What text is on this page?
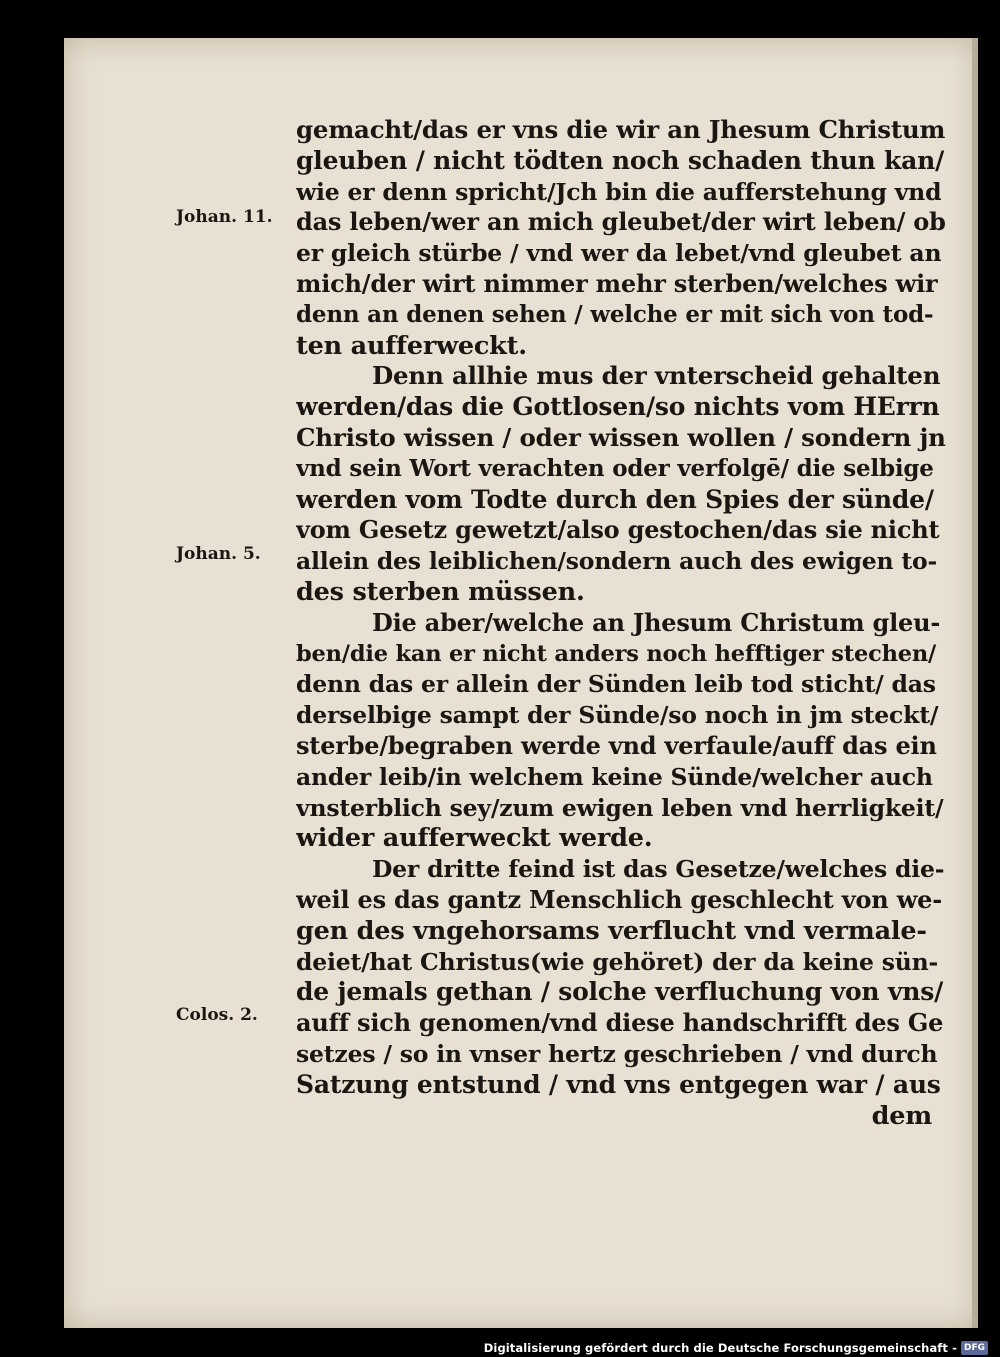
Johan. 11.
Johan. 5.
Colos. 2.
gemacht/das er vns die wir an Jhesum Christum
gleuben / nicht tödten noch schaden thun kan/
wie er denn spricht/Jch bin die aufferstehung vnd
das leben/wer an mich gleubet/der wirt leben/ ob
er gleich stürbe / vnd wer da lebet/vnd gleubet an
mich/der wirt nimmer mehr sterben/welches wir
denn an denen sehen / welche er mit sich von tod-
ten aufferweckt.
Denn allhie mus der vnterscheid gehalten
werden/das die Gottlosen/so nichts vom HErrn
Christo wissen / oder wissen wollen / sondern jn
vnd sein Wort verachten oder verfolgē/ die selbige
werden vom Todte durch den Spies der sünde/
vom Gesetz gewetzt/also gestochen/das sie nicht
allein des leiblichen/sondern auch des ewigen to-
des sterben müssen.
Die aber/welche an Jhesum Christum gleu-
ben/die kan er nicht anders noch hefftiger stechen/
denn das er allein der Sünden leib tod sticht/ das
derselbige sampt der Sünde/so noch in jm steckt/
sterbe/begraben werde vnd verfaule/auff das ein
ander leib/in welchem keine Sünde/welcher auch
vnsterblich sey/zum ewigen leben vnd herrligkeit/
wider aufferweckt werde.
Der dritte feind ist das Gesetze/welches die-
weil es das gantz Menschlich geschlecht von we-
gen des vngehorsams verflucht vnd vermale-
deiet/hat Christus(wie gehöret) der da keine sün-
de jemals gethan / solche verfluchung von vns/
auff sich genomen/vnd diese handschrifft des Ge
setzes / so in vnser hertz geschrieben / vnd durch
Satzung entstund / vnd vns entgegen war / aus
dem
Digitalisierung gefördert durch die Deutsche Forschungsgemeinschaft - DFG
